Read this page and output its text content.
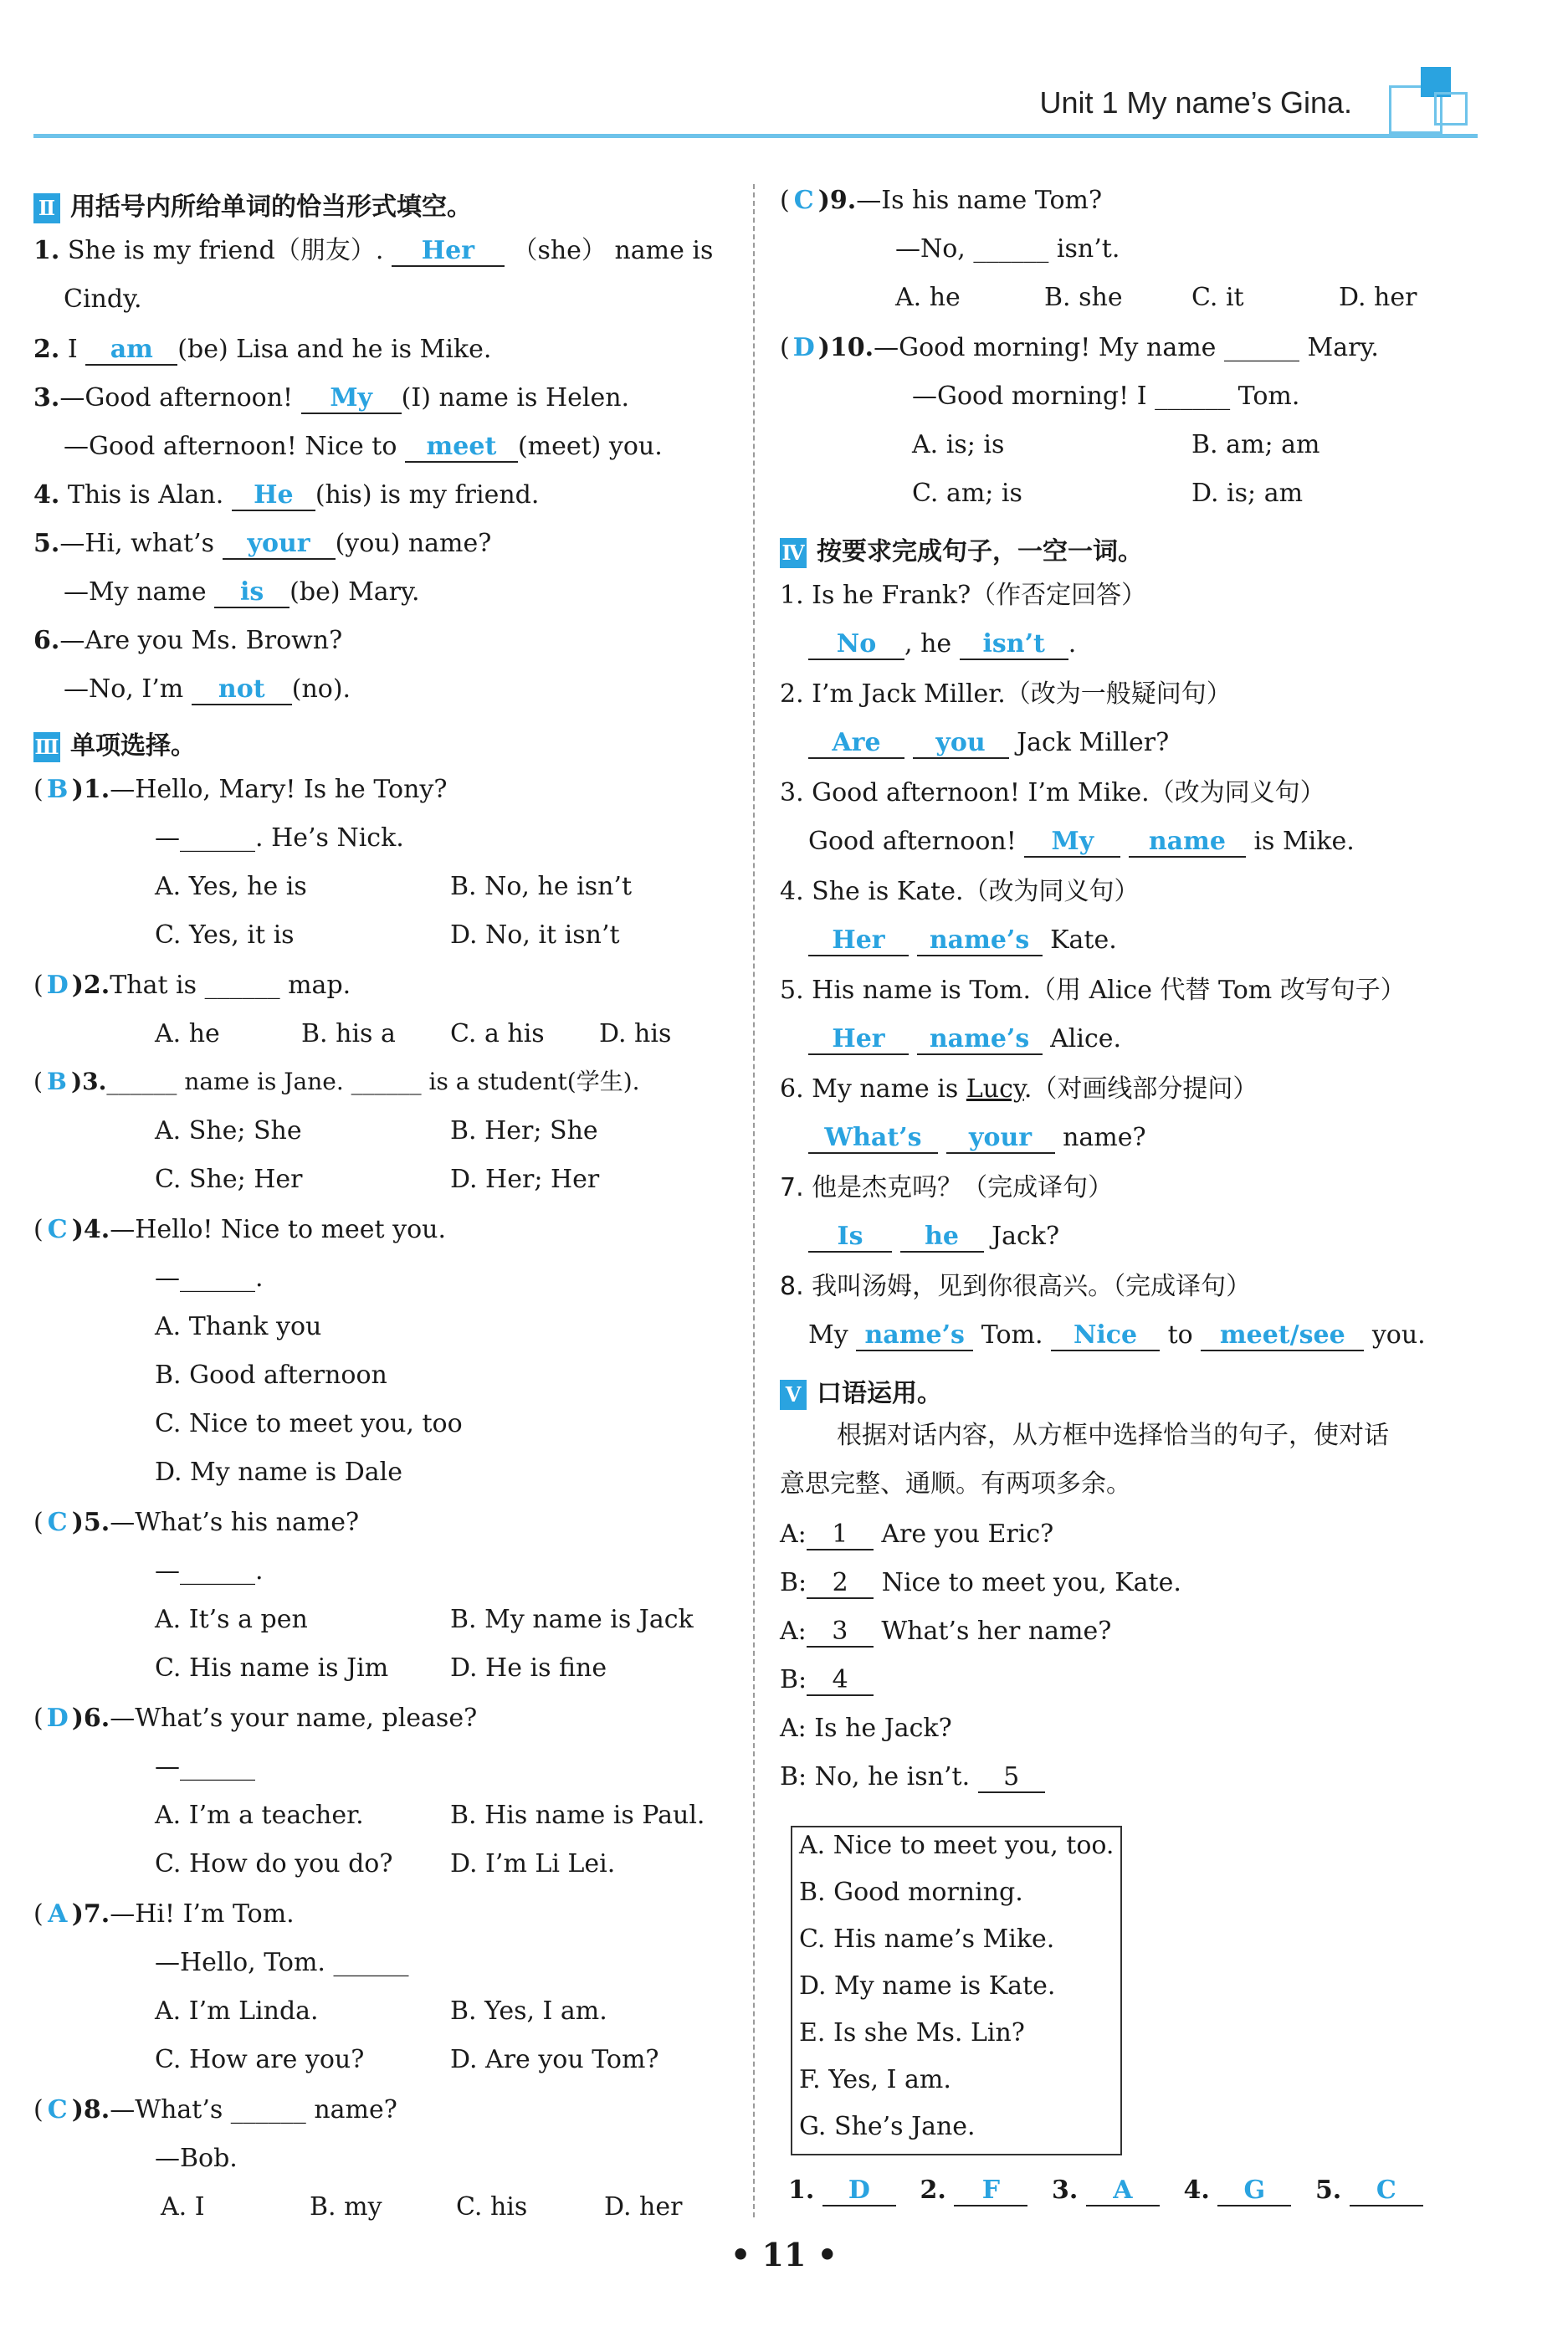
Unit 1 My name’s Gina.
Ⅱ 用括号内所给单词的恰当形式填空。
1. She is my friend（朋友）. Her （she） name is
Cindy.
2. I am (be) Lisa and he is Mike.
3.—Good afternoon! My (I) name is Helen.
—Good afternoon! Nice to meet (meet) you.
4. This is Alan. He (his) is my friend.
5.—Hi, what’s your (you) name?
—My name is (be) Mary.
6.—Are you Ms. Brown?
—No, I’m not (no).
Ⅲ 单项选择。
( B )1.—Hello, Mary! Is he Tony?
—______. He’s Nick.
A. Yes, he is	B. No, he isn’t
C. Yes, it is	D. No, it isn’t
( D )2.That is ______ map.
A. he	B. his a C. a his D. his
( B )3.______ name is Jane. ______ is a student(学生).
A. She; She	B. Her; She
C. She; Her	D. Her; Her
( C )4.—Hello! Nice to meet you.
—______.
A. Thank you
B. Good afternoon
C. Nice to meet you, too
D. My name is Dale
( C )5.—What’s his name?
—______.
A. It’s a pen	B. My name is Jack
C. His name is Jim D. He is fine
( D )6.—What’s your name, please?
—______
A. I’m a teacher.	B. His name is Paul.
C. How do you do? D. I’m Li Lei.
( A )7.—Hi! I’m Tom.
—Hello, Tom. ______
A. I’m Linda.	B. Yes, I am.
C. How are you?	D. Are you Tom?
( C )8.—What’s ______ name?
—Bob.
A. I	B. my	C. his	D. her
( C )9.—Is his name Tom?
—No, ______ isn’t.
A. he	B. she	C. it	D. her
( D )10.—Good morning! My name ______ Mary.
—Good morning! I ______ Tom.
A. is; is	B. am; am
C. am; is	D. is; am
Ⅳ 按要求完成句子，一空一词。
1. Is he Frank?（作否定回答）
No , he isn’t .
2. I’m Jack Miller.（改为一般疑问句）
Are you Jack Miller?
3. Good afternoon! I’m Mike.（改为同义句）
Good afternoon! My name is Mike.
4. She is Kate.（改为同义句）
Her name’s Kate.
5. His name is Tom.（用 Alice 代替 Tom 改写句子）
Her name’s Alice.
6. My name is Lucy.（对画线部分提问）
What’s your name?
7. 他是杰克吗？（完成译句）
Is he Jack?
8. 我叫汤姆，见到你很高兴。（完成译句）
My name’s Tom. Nice to meet/see you.
Ⅴ 口语运用。
根据对话内容，从方框中选择恰当的句子，使对话
意思完整、通顺。有两项多余。
A: 1 Are you Eric?
B: 2 Nice to meet you, Kate.
A: 3 What’s her name?
B: 4
A: Is he Jack?
B: No, he isn’t. 5
A. Nice to meet you, too.
B. Good morning.
C. His name’s Mike.
D. My name is Kate.
E. Is she Ms. Lin?
F. Yes, I am.
G. She’s Jane.
1. D 2. F 3. A 4. G 5. C
• 11 •
